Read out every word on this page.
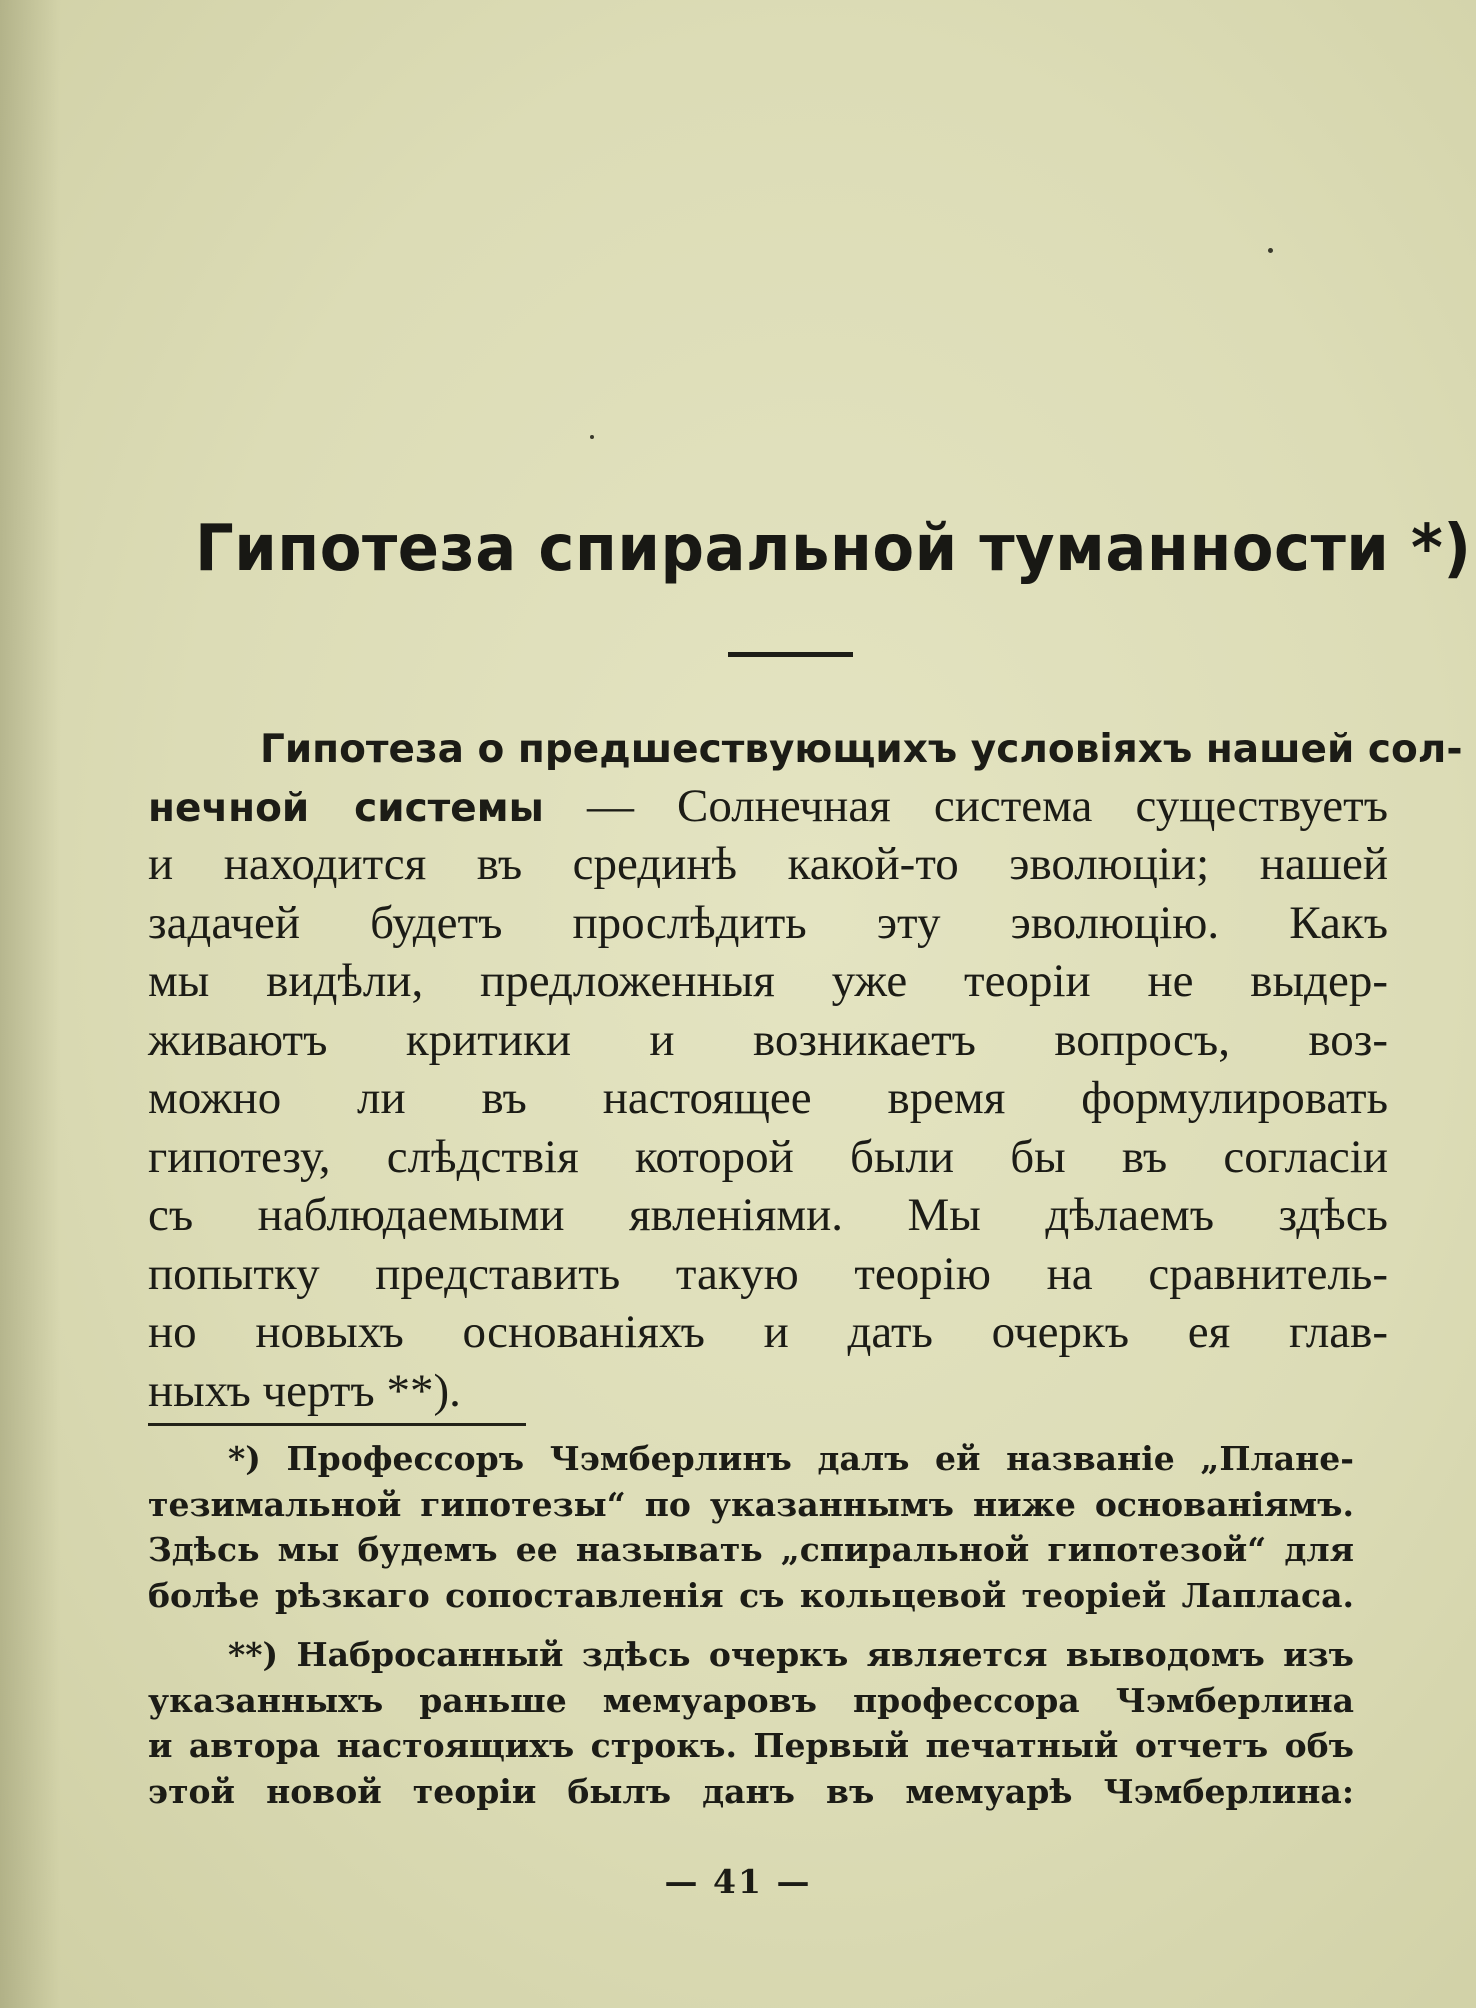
Гипотеза спиральной туманности *)
Гипотеза о предшествующихъ условіяхъ нашей сол-
нечной системы — Солнечная система существуетъ
и находится въ срединѣ какой-то эволюціи; нашей
задачей будетъ прослѣдить эту эволюцію. Какъ
мы видѣли, предложенныя уже теоріи не выдер-
живаютъ критики и возникаетъ вопросъ, воз-
можно ли въ настоящее время формулировать
гипотезу, слѣдствія которой были бы въ согласіи
съ наблюдаемыми явленіями. Мы дѣлаемъ здѣсь
попытку представить такую теорію на сравнитель-
но новыхъ основаніяхъ и дать очеркъ ея глав-
ныхъ чертъ **).
*) Профессоръ Чэмберлинъ далъ ей названіе „Плане-
тезимальной гипотезы“ по указаннымъ ниже основаніямъ.
Здѣсь мы будемъ ее называть „спиральной гипотезой“ для
болѣе рѣзкаго сопоставленія съ кольцевой теоріей Лапласа.
**) Набросанный здѣсь очеркъ является выводомъ изъ
указанныхъ раньше мемуаровъ профессора Чэмберлина
и автора настоящихъ строкъ. Первый печатный отчетъ объ
этой новой теоріи былъ данъ въ мемуарѣ Чэмберлина:
— 41 —
